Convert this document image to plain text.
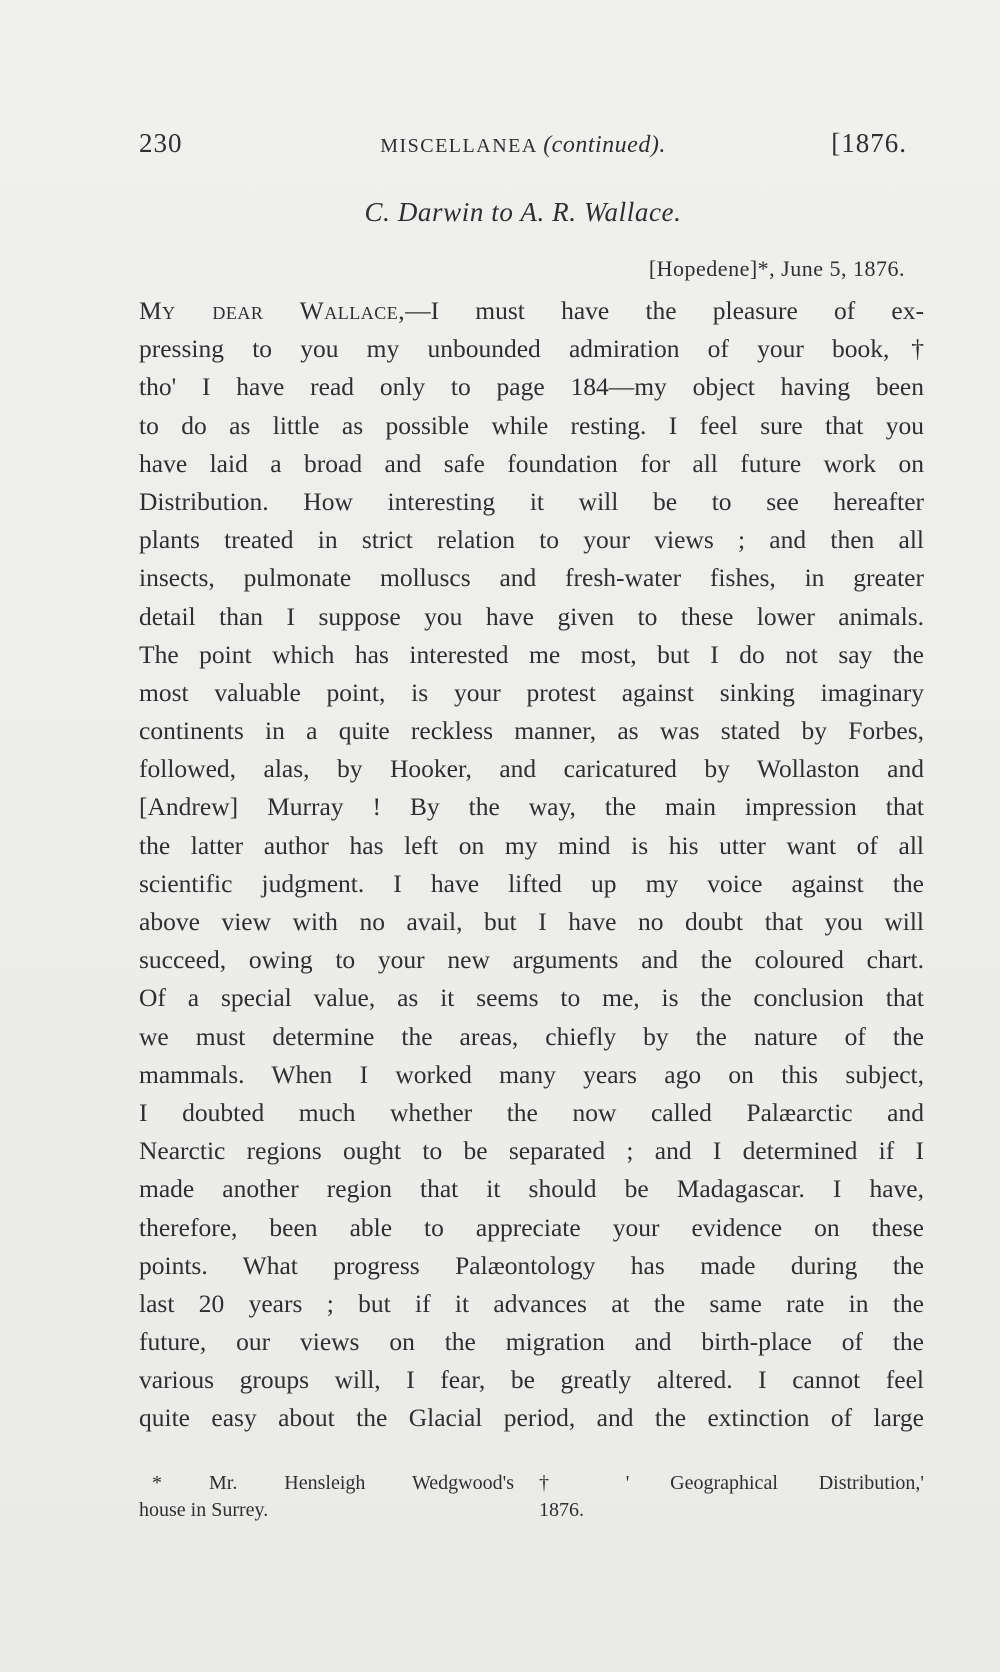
230	MISCELLANEA (continued).	[1876.
C. Darwin to A. R. Wallace.
[Hopedene]*, June 5, 1876.
My dear Wallace,—I must have the pleasure of ex-
pressing to you my unbounded admiration of your book,†
tho' I have read only to page 184—my object having been
to do as little as possible while resting. I feel sure that you
have laid a broad and safe foundation for all future work on
Distribution. How interesting it will be to see hereafter
plants treated in strict relation to your views ; and then all
insects, pulmonate molluscs and fresh-water fishes, in greater
detail than I suppose you have given to these lower animals.
The point which has interested me most, but I do not say the
most valuable point, is your protest against sinking imaginary
continents in a quite reckless manner, as was stated by Forbes,
followed, alas, by Hooker, and caricatured by Wollaston and
[Andrew] Murray ! By the way, the main impression that
the latter author has left on my mind is his utter want of all
scientific judgment. I have lifted up my voice against the
above view with no avail, but I have no doubt that you will
succeed, owing to your new arguments and the coloured chart.
Of a special value, as it seems to me, is the conclusion that
we must determine the areas, chiefly by the nature of the
mammals. When I worked many years ago on this subject,
I doubted much whether the now called Palæarctic and
Nearctic regions ought to be separated ; and I determined if I
made another region that it should be Madagascar. I have,
therefore, been able to appreciate your evidence on these
points. What progress Palæontology has made during the
last 20 years ; but if it advances at the same rate in the
future, our views on the migration and birth-place of the
various groups will, I fear, be greatly altered. I cannot feel
quite easy about the Glacial period, and the extinction of large
* Mr. Hensleigh Wedgwood's
house in Surrey.
† ' Geographical Distribution,'
1876.
